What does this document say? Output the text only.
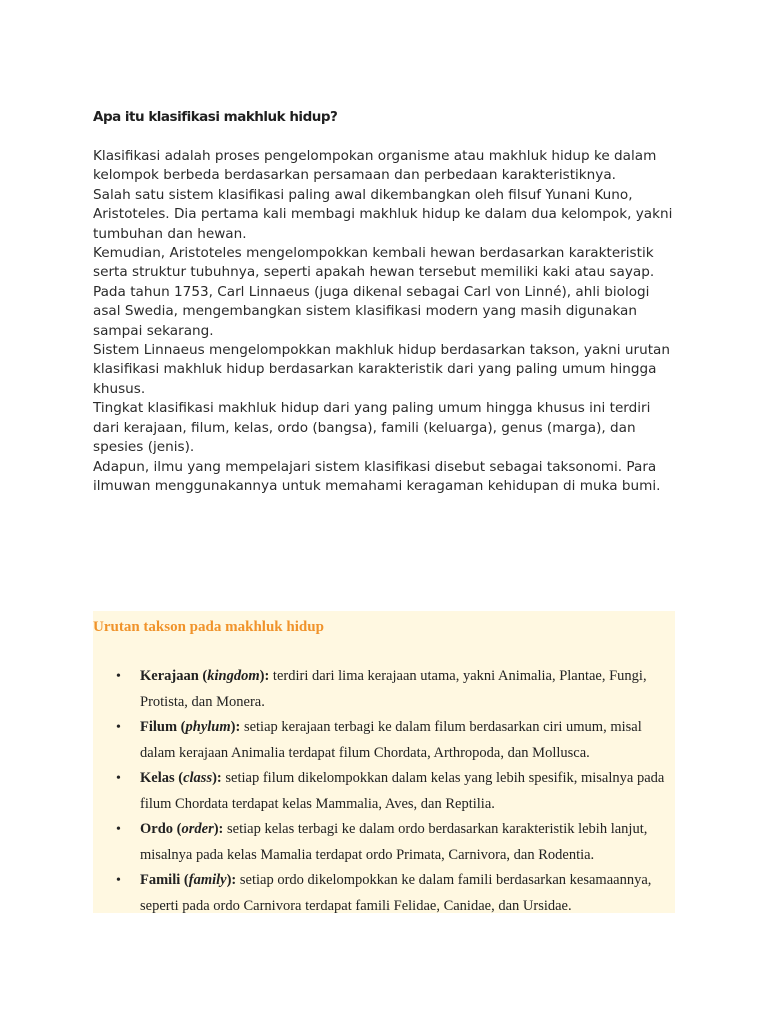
Apa itu klasifikasi makhluk hidup?

Klasifikasi adalah proses pengelompokan organisme atau makhluk hidup ke dalam kelompok berbeda berdasarkan persamaan dan perbedaan karakteristiknya.

Salah satu sistem klasifikasi paling awal dikembangkan oleh filsuf Yunani Kuno, Aristoteles. Dia pertama kali membagi makhluk hidup ke dalam dua kelompok, yakni tumbuhan dan hewan.

Kemudian, Aristoteles mengelompokkan kembali hewan berdasarkan karakteristik serta struktur tubuhnya, seperti apakah hewan tersebut memiliki kaki atau sayap.

Pada tahun 1753, Carl Linnaeus (juga dikenal sebagai Carl von Linné), ahli biologi asal Swedia, mengembangkan sistem klasifikasi modern yang masih digunakan sampai sekarang.

Sistem Linnaeus mengelompokkan makhluk hidup berdasarkan takson, yakni urutan klasifikasi makhluk hidup berdasarkan karakteristik dari yang paling umum hingga khusus.

Tingkat klasifikasi makhluk hidup dari yang paling umum hingga khusus ini terdiri dari kerajaan, filum, kelas, ordo (bangsa), famili (keluarga), genus (marga), dan spesies (jenis).

Adapun, ilmu yang mempelajari sistem klasifikasi disebut sebagai taksonomi. Para ilmuwan menggunakannya untuk memahami keragaman kehidupan di muka bumi.

Urutan takson pada makhluk hidup
• Kerajaan (kingdom): terdiri dari lima kerajaan utama, yakni Animalia, Plantae, Fungi, Protista, dan Monera.
• Filum (phylum): setiap kerajaan terbagi ke dalam filum berdasarkan ciri umum, misal dalam kerajaan Animalia terdapat filum Chordata, Arthropoda, dan Mollusca.
• Kelas (class): setiap filum dikelompokkan dalam kelas yang lebih spesifik, misalnya pada filum Chordata terdapat kelas Mammalia, Aves, dan Reptilia.
• Ordo (order): setiap kelas terbagi ke dalam ordo berdasarkan karakteristik lebih lanjut, misalnya pada kelas Mamalia terdapat ordo Primata, Carnivora, dan Rodentia.
• Famili (family): setiap ordo dikelompokkan ke dalam famili berdasarkan kesamaannya, seperti pada ordo Carnivora terdapat famili Felidae, Canidae, dan Ursidae.
